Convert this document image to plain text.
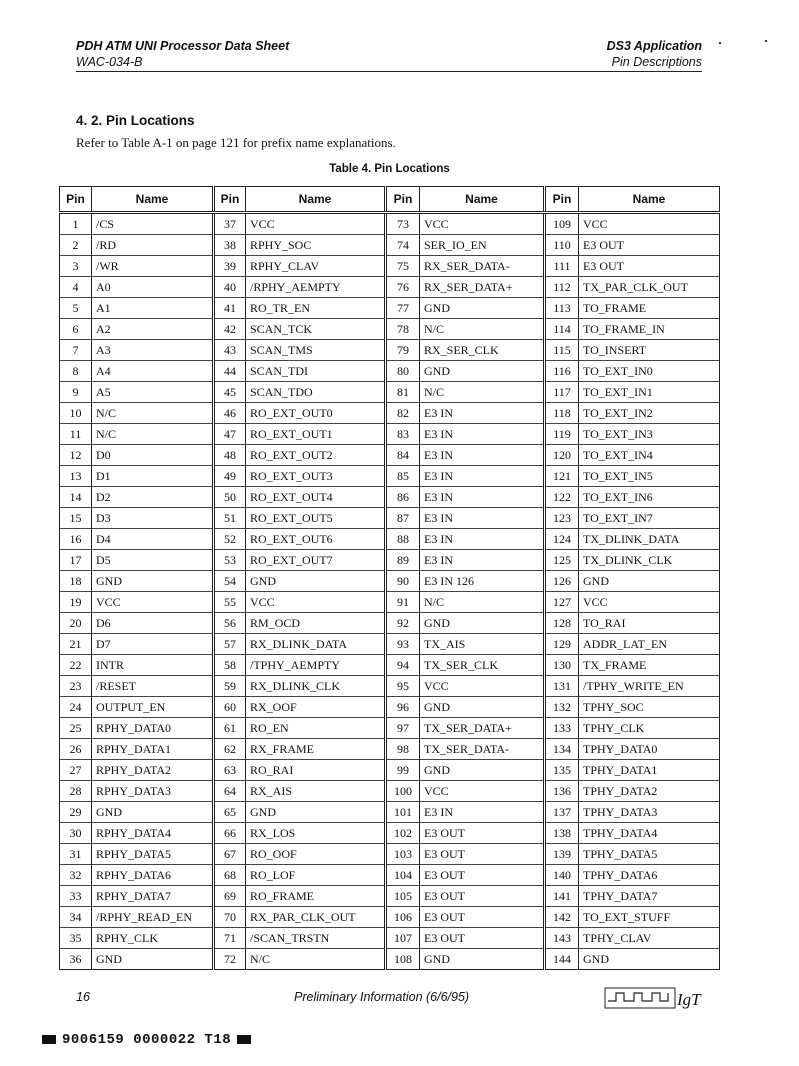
PDH ATM UNI Processor Data Sheet
WAC-034-B
DS3 Application
Pin Descriptions
4. 2. Pin Locations
Refer to Table A-1 on page 121 for prefix name explanations.
Table 4. Pin Locations
Pin	Name	Pin	Name	Pin	Name	Pin	Name
1	/CS	37	VCC	73	VCC	109	VCC
2	/RD	38	RPHY_SOC	74	SER_IO_EN	110	E3 OUT
3	/WR	39	RPHY_CLAV	75	RX_SER_DATA-	111	E3 OUT
4	A0	40	/RPHY_AEMPTY	76	RX_SER_DATA+	112	TX_PAR_CLK_OUT
5	A1	41	RO_TR_EN	77	GND	113	TO_FRAME
6	A2	42	SCAN_TCK	78	N/C	114	TO_FRAME_IN
7	A3	43	SCAN_TMS	79	RX_SER_CLK	115	TO_INSERT
8	A4	44	SCAN_TDI	80	GND	116	TO_EXT_IN0
9	A5	45	SCAN_TDO	81	N/C	117	TO_EXT_IN1
10	N/C	46	RO_EXT_OUT0	82	E3 IN	118	TO_EXT_IN2
11	N/C	47	RO_EXT_OUT1	83	E3 IN	119	TO_EXT_IN3
12	D0	48	RO_EXT_OUT2	84	E3 IN	120	TO_EXT_IN4
13	D1	49	RO_EXT_OUT3	85	E3 IN	121	TO_EXT_IN5
14	D2	50	RO_EXT_OUT4	86	E3 IN	122	TO_EXT_IN6
15	D3	51	RO_EXT_OUT5	87	E3 IN	123	TO_EXT_IN7
16	D4	52	RO_EXT_OUT6	88	E3 IN	124	TX_DLINK_DATA
17	D5	53	RO_EXT_OUT7	89	E3 IN	125	TX_DLINK_CLK
18	GND	54	GND	90	E3 IN 126	126	GND
19	VCC	55	VCC	91	N/C	127	VCC
20	D6	56	RM_OCD	92	GND	128	TO_RAI
21	D7	57	RX_DLINK_DATA	93	TX_AIS	129	ADDR_LAT_EN
22	INTR	58	/TPHY_AEMPTY	94	TX_SER_CLK	130	TX_FRAME
23	/RESET	59	RX_DLINK_CLK	95	VCC	131	/TPHY_WRITE_EN
24	OUTPUT_EN	60	RX_OOF	96	GND	132	TPHY_SOC
25	RPHY_DATA0	61	RO_EN	97	TX_SER_DATA+	133	TPHY_CLK
26	RPHY_DATA1	62	RX_FRAME	98	TX_SER_DATA-	134	TPHY_DATA0
27	RPHY_DATA2	63	RO_RAI	99	GND	135	TPHY_DATA1
28	RPHY_DATA3	64	RX_AIS	100	VCC	136	TPHY_DATA2
29	GND	65	GND	101	E3 IN	137	TPHY_DATA3
30	RPHY_DATA4	66	RX_LOS	102	E3 OUT	138	TPHY_DATA4
31	RPHY_DATA5	67	RO_OOF	103	E3 OUT	139	TPHY_DATA5
32	RPHY_DATA6	68	RO_LOF	104	E3 OUT	140	TPHY_DATA6
33	RPHY_DATA7	69	RO_FRAME	105	E3 OUT	141	TPHY_DATA7
34	/RPHY_READ_EN	70	RX_PAR_CLK_OUT	106	E3 OUT	142	TO_EXT_STUFF
35	RPHY_CLK	71	/SCAN_TRSTN	107	E3 OUT	143	TPHY_CLAV
36	GND	72	N/C	108	GND	144	GND
16	Preliminary Information (6/6/95)	IgT
9006159 0000022 T18
